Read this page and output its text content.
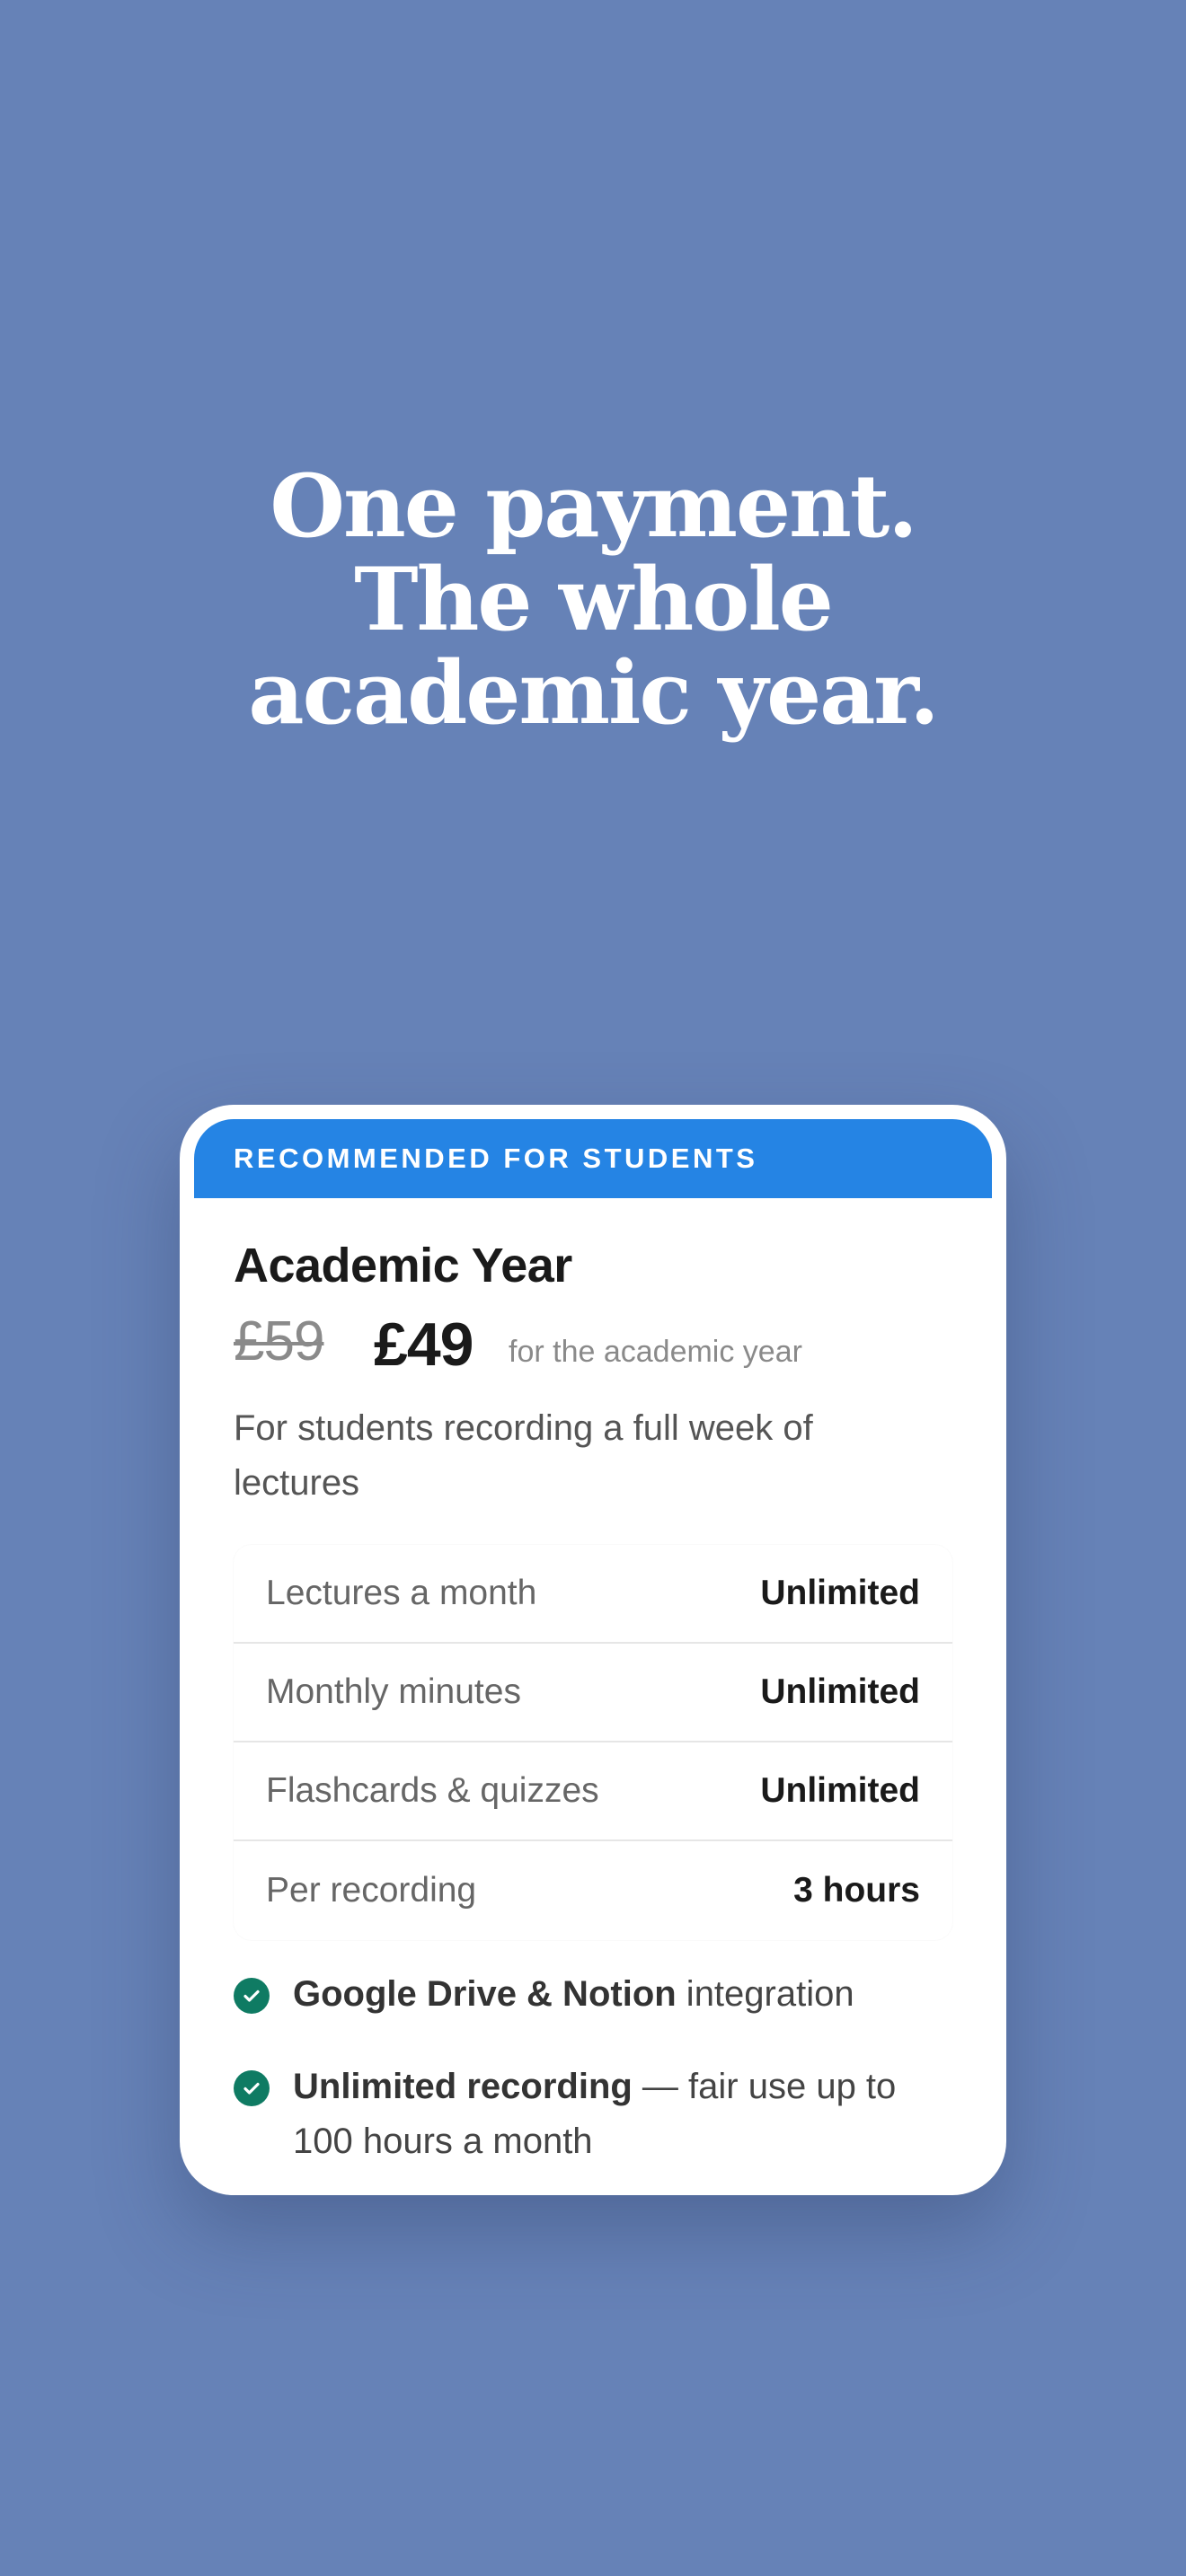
One payment.
The whole
academic year.
RECOMMENDED FOR STUDENTS
Academic Year
£59 £49 for the academic year
For students recording a full week of lectures
Lectures a month	Unlimited
Monthly minutes	Unlimited
Flashcards & quizzes	Unlimited
Per recording	3 hours
Google Drive & Notion integration
Unlimited recording — fair use up to 100 hours a month
